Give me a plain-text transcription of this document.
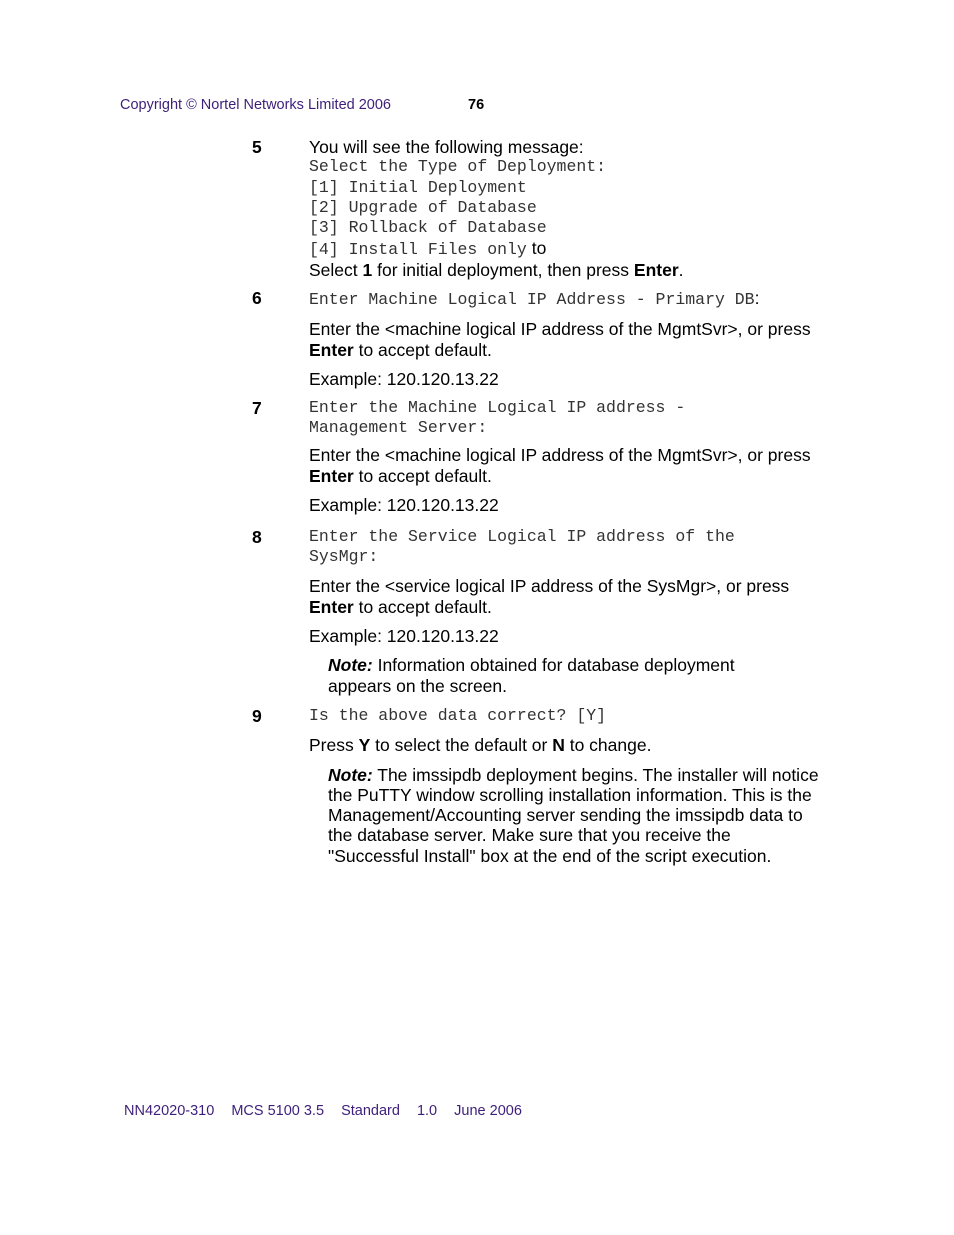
Copyright © Nortel Networks Limited 2006	76
5	You will see the following message:

Select the Type of Deployment:
[1] Initial Deployment
[2] Upgrade of Database
[3] Rollback of Database
[4] Install Files only to

Select 1 for initial deployment, then press Enter.

6	Enter Machine Logical IP Address - Primary DB:

Enter the <machine logical IP address of the MgmtSvr>, or press
Enter to accept default.

Example: 120.120.13.22

7	Enter the Machine Logical IP address -
Management Server:

Enter the <machine logical IP address of the MgmtSvr>, or press
Enter to accept default.

Example: 120.120.13.22

8	Enter the Service Logical IP address of the
SysMgr:

Enter the <service logical IP address of the SysMgr>, or press
Enter to accept default.

Example: 120.120.13.22

Note: Information obtained for database deployment appears on the screen.
9	Is the above data correct? [Y]

Press Y to select the default or N to change.

Note: The imssipdb deployment begins. The installer will notice the PuTTY window scrolling installation information. This is the Management/Accounting server sending the imssipdb data to the database server. Make sure that you receive the "Successful Install" box at the end of the script execution.
NN42020-310 MCS 5100 3.5 Standard 1.0 June 2006
